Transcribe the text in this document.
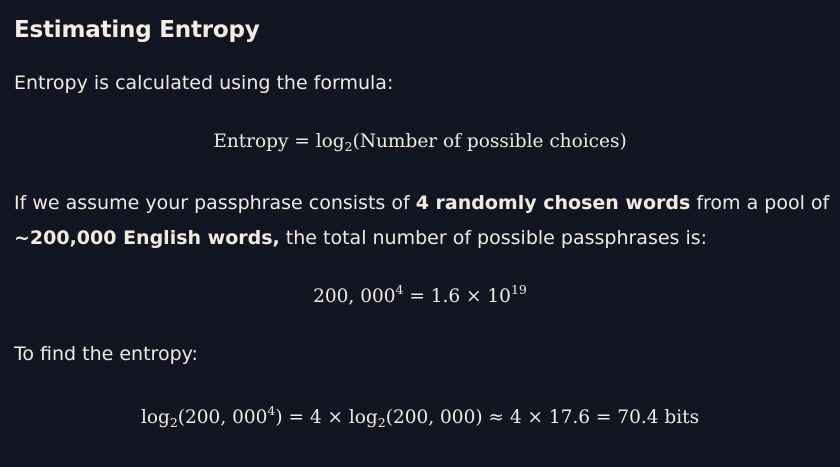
Estimating Entropy
Entropy is calculated using the formula:
Entropy = $\log_2(Number$ of possible choices)
If we assume your passphrase consists of 4 randomly chosen words from a pool of
~200,000 English words, the total number of possible passphrases is:
200, $000^4 = 1.6 \times 10^{19}$
To find the entropy:
$\log_2(200$, $000^4) = 4 \times \log_2(200$, 000) ≈ 4 × 17.6 = 70.4 bits
